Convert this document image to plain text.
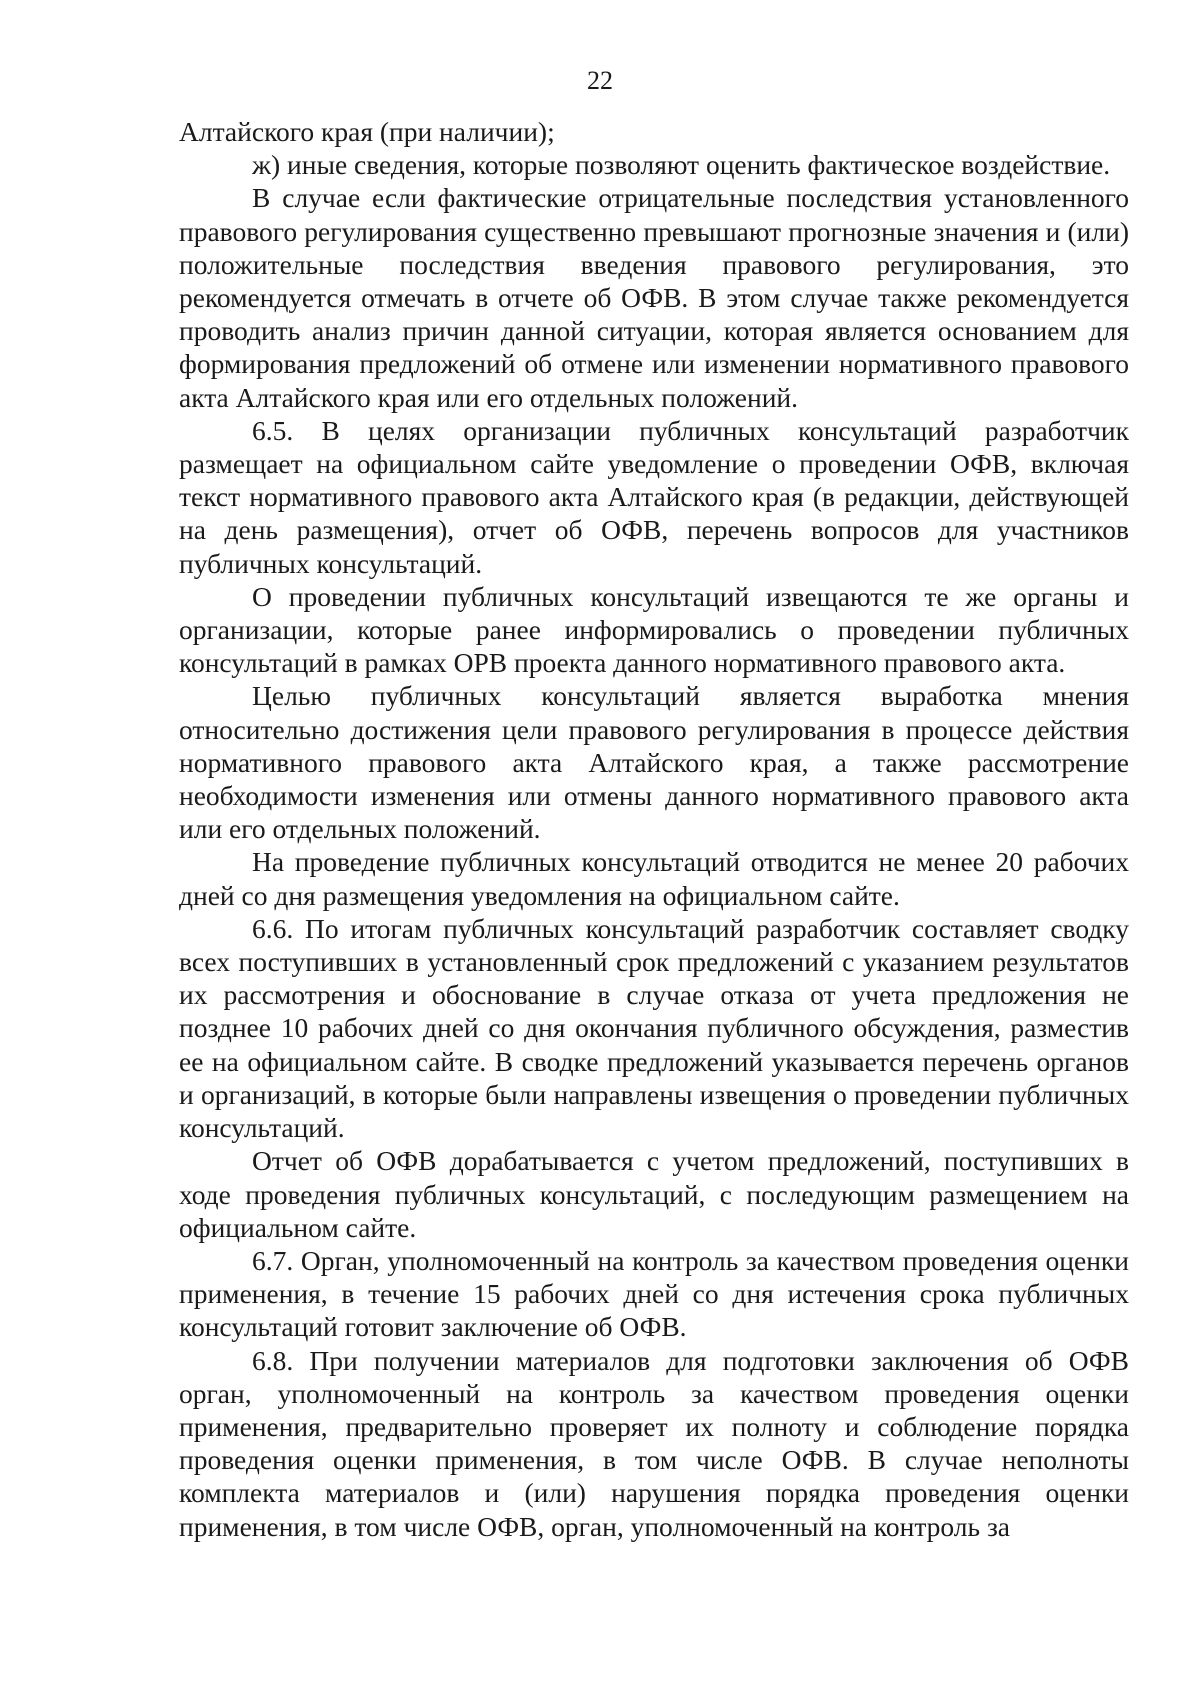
22

Алтайского края (при наличии);

ж) иные сведения, которые позволяют оценить фактическое воздействие.

В случае если фактические отрицательные последствия установленного правового регулирования существенно превышают прогнозные значения и (или) положительные последствия введения правового регулирования, это рекомендуется отмечать в отчете об ОФВ. В этом случае также рекомендуется проводить анализ причин данной ситуации, которая является основанием для формирования предложений об отмене или изменении нормативного правового акта Алтайского края или его отдельных положений.

6.5. В целях организации публичных консультаций разработчик размещает на официальном сайте уведомление о проведении ОФВ, включая текст нормативного правового акта Алтайского края (в редакции, действующей на день размещения), отчет об ОФВ, перечень вопросов для участников публичных консультаций.

О проведении публичных консультаций извещаются те же органы и организации, которые ранее информировались о проведении публичных консультаций в рамках ОРВ проекта данного нормативного правового акта.

Целью публичных консультаций является выработка мнения относительно достижения цели правового регулирования в процессе действия нормативного правового акта Алтайского края, а также рассмотрение необходимости изменения или отмены данного нормативного правового акта или его отдельных положений.

На проведение публичных консультаций отводится не менее 20 рабочих дней со дня размещения уведомления на официальном сайте.

6.6. По итогам публичных консультаций разработчик составляет сводку всех поступивших в установленный срок предложений с указанием результатов их рассмотрения и обоснование в случае отказа от учета предложения не позднее 10 рабочих дней со дня окончания публичного обсуждения, разместив ее на официальном сайте. В сводке предложений указывается перечень органов и организаций, в которые были направлены извещения о проведении публичных консультаций.

Отчет об ОФВ дорабатывается с учетом предложений, поступивших в ходе проведения публичных консультаций, с последующим размещением на официальном сайте.

6.7. Орган, уполномоченный на контроль за качеством проведения оценки применения, в течение 15 рабочих дней со дня истечения срока публичных консультаций готовит заключение об ОФВ.

6.8. При получении материалов для подготовки заключения об ОФВ орган, уполномоченный на контроль за качеством проведения оценки применения, предварительно проверяет их полноту и соблюдение порядка проведения оценки применения, в том числе ОФВ. В случае неполноты комплекта материалов и (или) нарушения порядка проведения оценки применения, в том числе ОФВ, орган, уполномоченный на контроль за
